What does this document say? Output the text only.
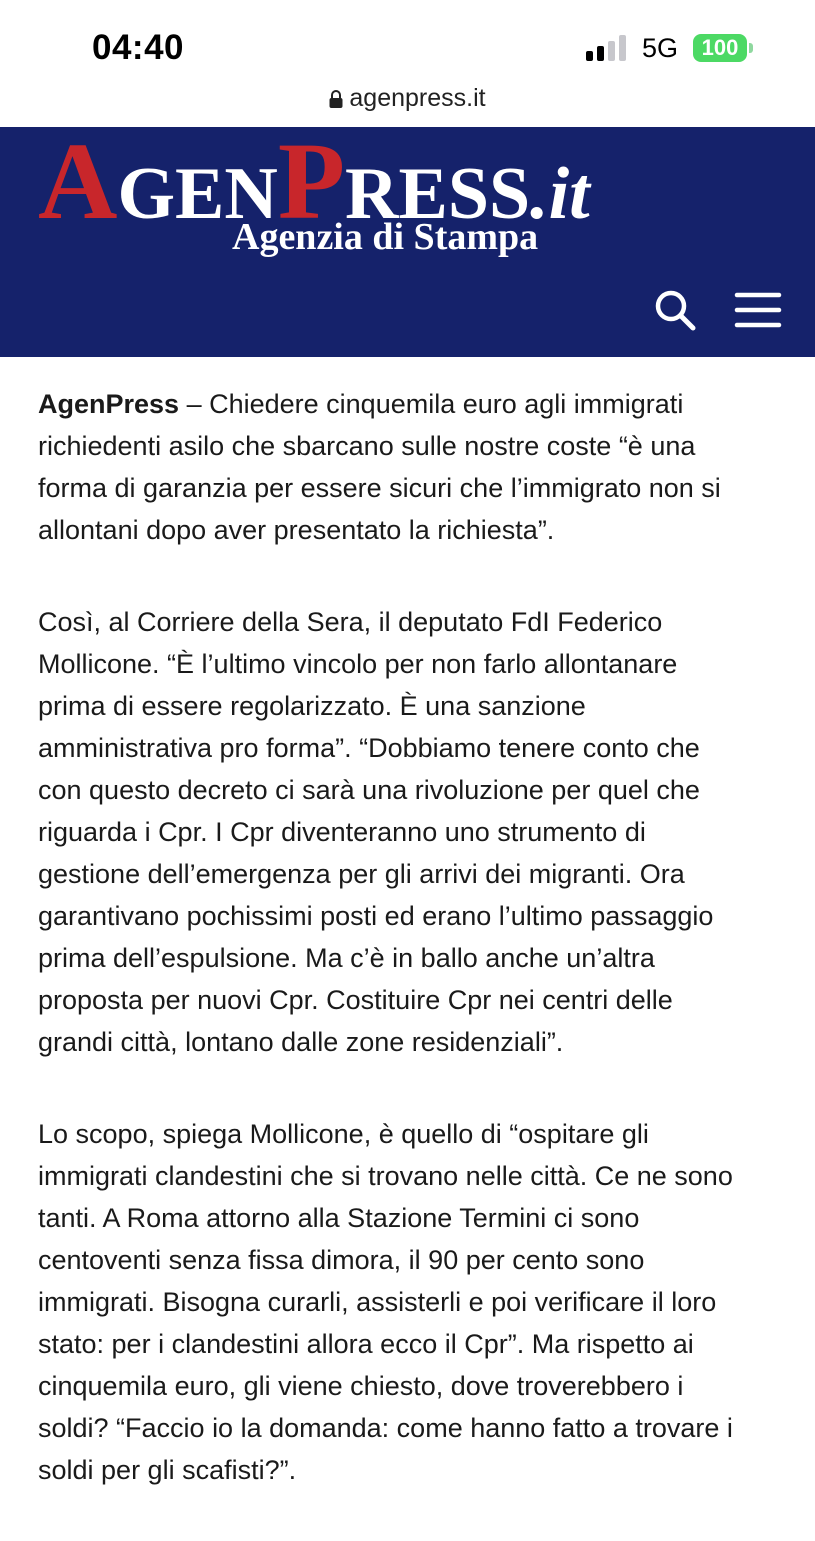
04:40	5G	100
agenpress.it
AGENPRESS.it
Agenzia di Stampa

AgenPress – Chiedere cinquemila euro agli immigrati
richiedenti asilo che sbarcano sulle nostre coste “è una
forma di garanzia per essere sicuri che l’immigrato non si
allontani dopo aver presentato la richiesta”.

Così, al Corriere della Sera, il deputato FdI Federico
Mollicone. “È l’ultimo vincolo per non farlo allontanare
prima di essere regolarizzato. È una sanzione
amministrativa pro forma”. “Dobbiamo tenere conto che
con questo decreto ci sarà una rivoluzione per quel che
riguarda i Cpr. I Cpr diventeranno uno strumento di
gestione dell’emergenza per gli arrivi dei migranti. Ora
garantivano pochissimi posti ed erano l’ultimo passaggio
prima dell’espulsione. Ma c’è in ballo anche un’altra
proposta per nuovi Cpr. Costituire Cpr nei centri delle
grandi città, lontano dalle zone residenziali”.

Lo scopo, spiega Mollicone, è quello di “ospitare gli
immigrati clandestini che si trovano nelle città. Ce ne sono
tanti. A Roma attorno alla Stazione Termini ci sono
centoventi senza fissa dimora, il 90 per cento sono
immigrati. Bisogna curarli, assisterli e poi verificare il loro
stato: per i clandestini allora ecco il Cpr”. Ma rispetto ai
cinquemila euro, gli viene chiesto, dove troverebbero i
soldi? “Faccio io la domanda: come hanno fatto a trovare i
soldi per gli scafisti?”.
